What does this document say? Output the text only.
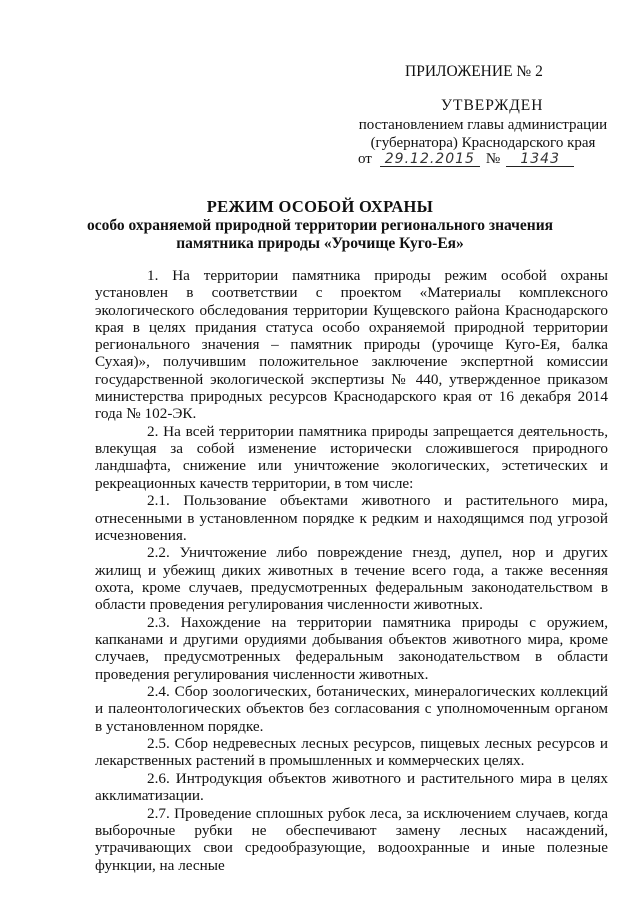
ПРИЛОЖЕНИЕ № 2
УТВЕРЖДЕН
постановлением главы администрации
(губернатора) Краснодарского края
от 29.12.2015 № 1343
РЕЖИМ ОСОБОЙ ОХРАНЫ
особо охраняемой природной территории регионального значения
памятника природы «Урочище Куго-Ея»

1. На территории памятника природы режим особой охраны установлен в соответствии с проектом «Материалы комплексного экологического обследования территории Кущевского района Краснодарского края в целях придания статуса особо охраняемой природной территории регионального значения – памятник природы (урочище Куго-Ея, балка Сухая)», получившим положительное заключение экспертной комиссии государственной экологической экспертизы № 440, утвержденное приказом министерства природных ресурсов Краснодарского края от 16 декабря 2014 года № 102-ЭК.

2. На всей территории памятника природы запрещается деятельность, влекущая за собой изменение исторически сложившегося природного ландшафта, снижение или уничтожение экологических, эстетических и рекреационных качеств территории, в том числе:

2.1. Пользование объектами животного и растительного мира, отнесенными в установленном порядке к редким и находящимся под угрозой исчезновения.

2.2. Уничтожение либо повреждение гнезд, дупел, нор и других жилищ и убежищ диких животных в течение всего года, а также весенняя охота, кроме случаев, предусмотренных федеральным законодательством в области проведения регулирования численности животных.

2.3. Нахождение на территории памятника природы с оружием, капканами и другими орудиями добывания объектов животного мира, кроме случаев, предусмотренных федеральным законодательством в области проведения регулирования численности животных.

2.4. Сбор зоологических, ботанических, минералогических коллекций и палеонтологических объектов без согласования с уполномоченным органом в установленном порядке.

2.5. Сбор недревесных лесных ресурсов, пищевых лесных ресурсов и лекарственных растений в промышленных и коммерческих целях.

2.6. Интродукция объектов животного и растительного мира в целях акклиматизации.

2.7. Проведение сплошных рубок леса, за исключением случаев, когда выборочные рубки не обеспечивают замену лесных насаждений, утрачивающих свои средообразующие, водоохранные и иные полезные функции, на лесные
